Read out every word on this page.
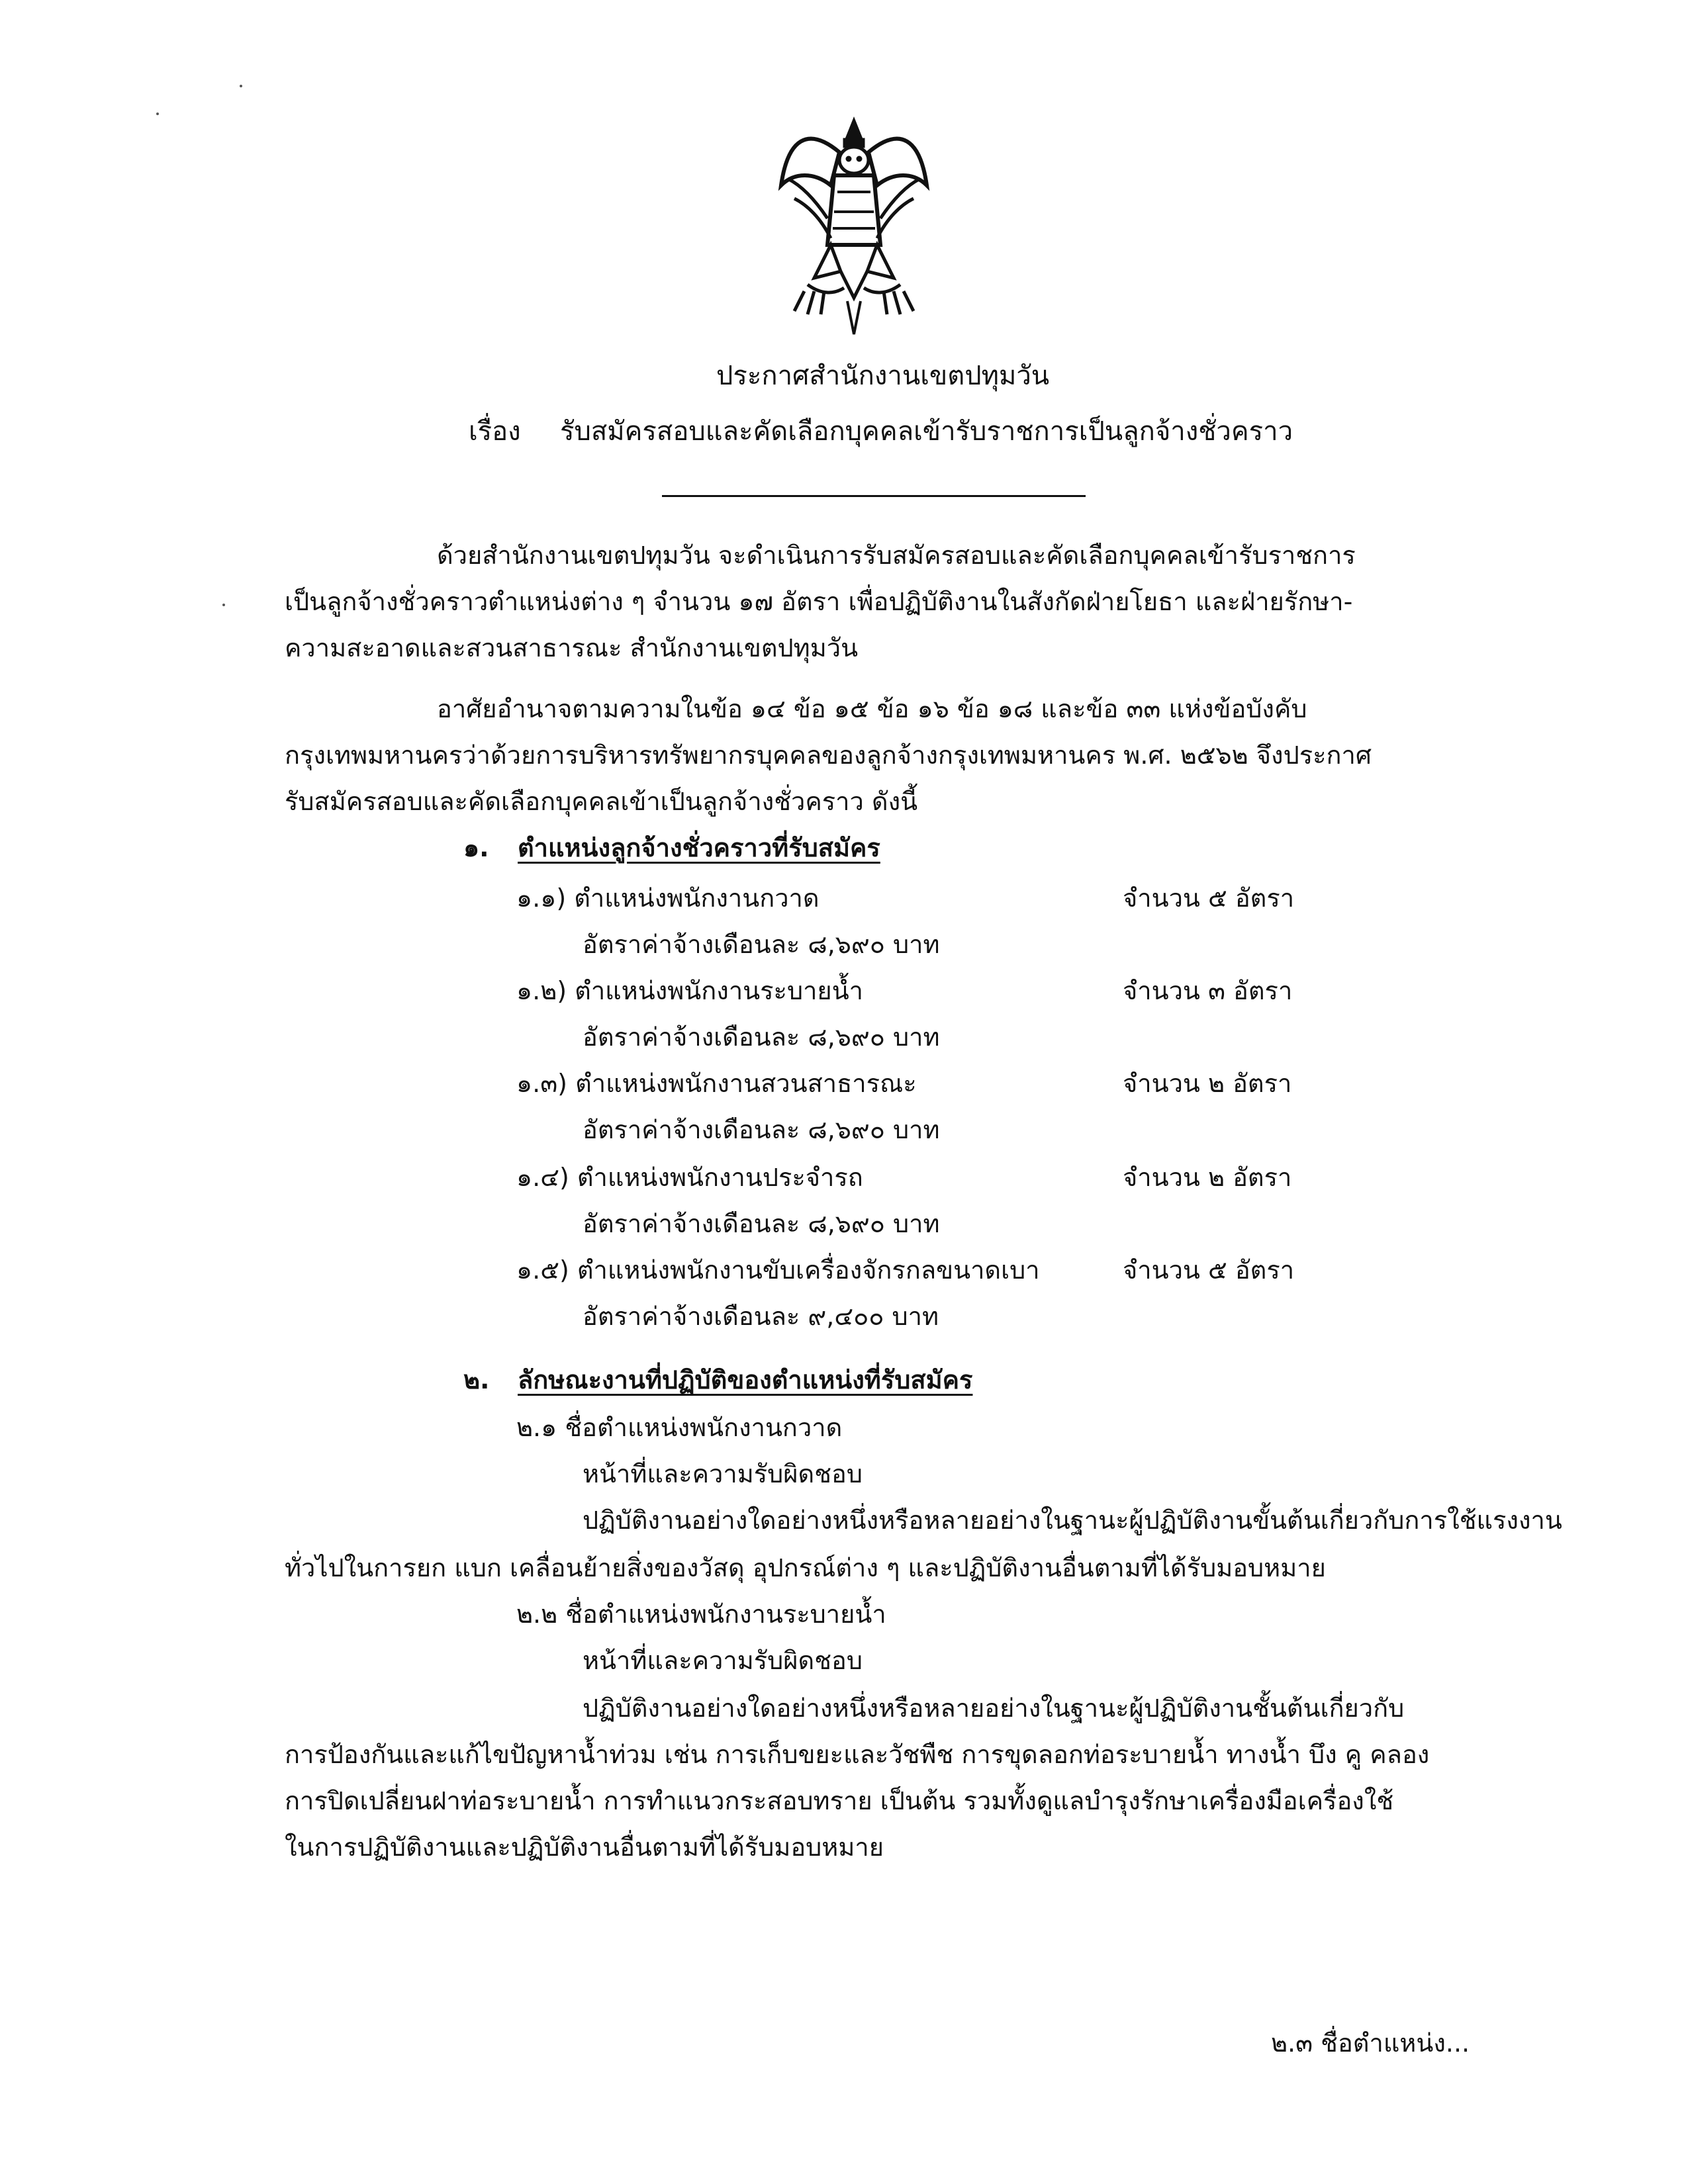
ประกาศสำนักงานเขตปทุมวัน
เรื่อง รับสมัครสอบและคัดเลือกบุคคลเข้ารับราชการเป็นลูกจ้างชั่วคราว
ด้วยสำนักงานเขตปทุมวัน จะดำเนินการรับสมัครสอบและคัดเลือกบุคคลเข้ารับราชการ
เป็นลูกจ้างชั่วคราวตำแหน่งต่าง ๆ จำนวน ๑๗ อัตรา เพื่อปฏิบัติงานในสังกัดฝ่ายโยธา และฝ่ายรักษา-
ความสะอาดและสวนสาธารณะ สำนักงานเขตปทุมวัน
อาศัยอำนาจตามความในข้อ ๑๔ ข้อ ๑๕ ข้อ ๑๖ ข้อ ๑๘ และข้อ ๓๓ แห่งข้อบังคับ
กรุงเทพมหานครว่าด้วยการบริหารทรัพยากรบุคคลของลูกจ้างกรุงเทพมหานคร พ.ศ. ๒๕๖๒ จึงประกาศ
รับสมัครสอบและคัดเลือกบุคคลเข้าเป็นลูกจ้างชั่วคราว ดังนี้
๑. ตำแหน่งลูกจ้างชั่วคราวที่รับสมัคร
๑.๑) ตำแหน่งพนักงานกวาด	จำนวน ๕ อัตรา
อัตราค่าจ้างเดือนละ ๘,๖๙๐ บาท
๑.๒) ตำแหน่งพนักงานระบายน้ำ	จำนวน ๓ อัตรา
อัตราค่าจ้างเดือนละ ๘,๖๙๐ บาท
๑.๓) ตำแหน่งพนักงานสวนสาธารณะ	จำนวน ๒ อัตรา
อัตราค่าจ้างเดือนละ ๘,๖๙๐ บาท
๑.๔) ตำแหน่งพนักงานประจำรถ	จำนวน ๒ อัตรา
อัตราค่าจ้างเดือนละ ๘,๖๙๐ บาท
๑.๕) ตำแหน่งพนักงานขับเครื่องจักรกลขนาดเบา	จำนวน ๕ อัตรา
อัตราค่าจ้างเดือนละ ๙,๔๐๐ บาท
๒. ลักษณะงานที่ปฏิบัติของตำแหน่งที่รับสมัคร
๒.๑ ชื่อตำแหน่งพนักงานกวาด
หน้าที่และความรับผิดชอบ
ปฏิบัติงานอย่างใดอย่างหนึ่งหรือหลายอย่างในฐานะผู้ปฏิบัติงานขั้นต้นเกี่ยวกับการใช้แรงงาน
ทั่วไปในการยก แบก เคลื่อนย้ายสิ่งของวัสดุ อุปกรณ์ต่าง ๆ และปฏิบัติงานอื่นตามที่ได้รับมอบหมาย
๒.๒ ชื่อตำแหน่งพนักงานระบายน้ำ
หน้าที่และความรับผิดชอบ
ปฏิบัติงานอย่างใดอย่างหนึ่งหรือหลายอย่างในฐานะผู้ปฏิบัติงานชั้นต้นเกี่ยวกับ
การป้องกันและแก้ไขปัญหาน้ำท่วม เช่น การเก็บขยะและวัชพืช การขุดลอกท่อระบายน้ำ ทางน้ำ บึง คู คลอง
การปิดเปลี่ยนฝาท่อระบายน้ำ การทำแนวกระสอบทราย เป็นต้น รวมทั้งดูแลบำรุงรักษาเครื่องมือเครื่องใช้
ในการปฏิบัติงานและปฏิบัติงานอื่นตามที่ได้รับมอบหมาย
๒.๓ ชื่อตำแหน่ง...
